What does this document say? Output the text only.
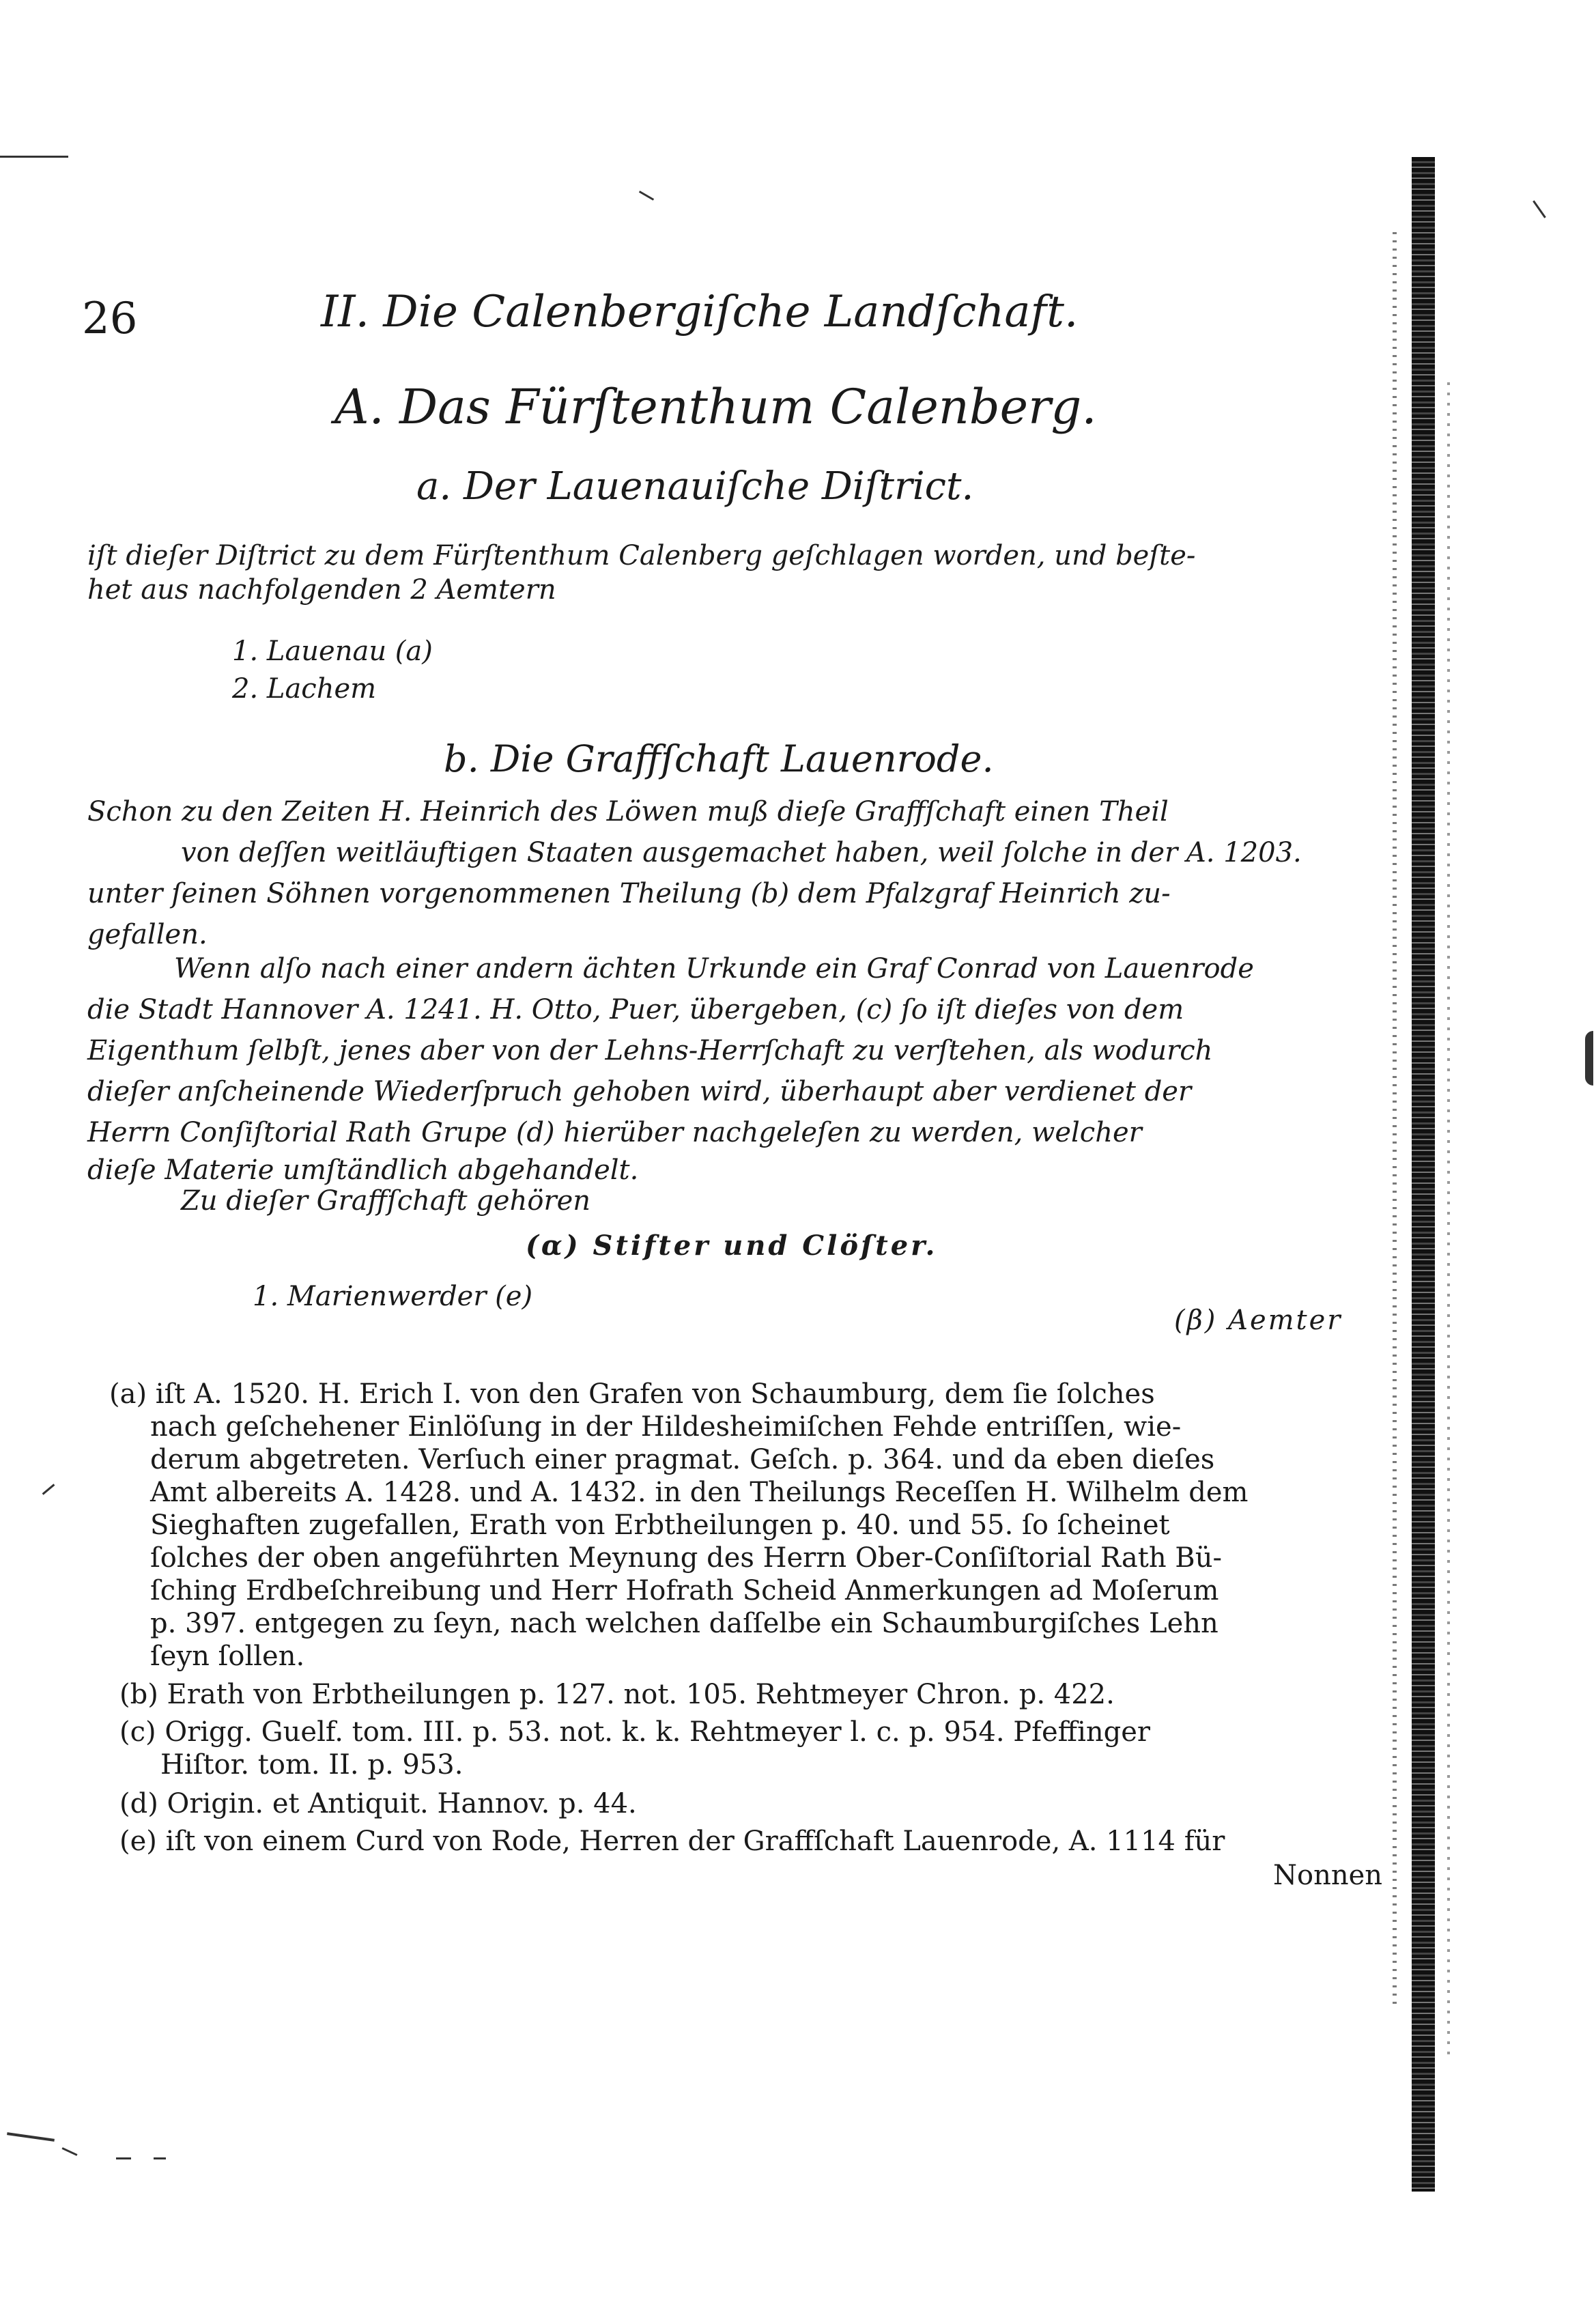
26	II. Die Calenbergiſche Landſchaft.
A. Das Fürſtenthum Calenberg.
a. Der Lauenauiſche Diſtrict.
iſt dieſer Diſtrict zu dem Fürſtenthum Calenberg geſchlagen worden, und beſte-
het aus nachfolgenden 2 Aemtern
1. Lauenau (a)
2. Lachem
b. Die Graffſchaft Lauenrode.
Schon zu den Zeiten H. Heinrich des Löwen muß dieſe Graffſchaft einen Theil
von deſſen weitläuftigen Staaten ausgemachet haben, weil ſolche in der A. 1203.
unter ſeinen Söhnen vorgenommenen Theilung (b) dem Pfalzgraf Heinrich zu-
gefallen.
Wenn alſo nach einer andern ächten Urkunde ein Graf Conrad von Lauenrode
die Stadt Hannover A. 1241. H. Otto, Puer, übergeben, (c) ſo iſt dieſes von dem
Eigenthum ſelbſt, jenes aber von der Lehns-Herrſchaft zu verſtehen, als wodurch
dieſer anſcheinende Wiederſpruch gehoben wird, überhaupt aber verdienet der
Herrn Conſiſtorial Rath Grupe (d) hierüber nachgeleſen zu werden, welcher
dieſe Materie umſtändlich abgehandelt.
Zu dieſer Graffſchaft gehören
(α) Stifter und Clöſter.
1. Marienwerder (e)
(β) Aemter
(a) iſt A. 1520. H. Erich I. von den Grafen von Schaumburg, dem ſie ſolches
nach geſchehener Einlöſung in der Hildesheimiſchen Fehde entriſſen, wie-
derum abgetreten. Verſuch einer pragmat. Geſch. p. 364. und da eben dieſes
Amt albereits A. 1428. und A. 1432. in den Theilungs Receſſen H. Wilhelm dem
Sieghaften zugefallen, Erath von Erbtheilungen p. 40. und 55. ſo ſcheinet
ſolches der oben angeführten Meynung des Herrn Ober-Conſiſtorial Rath Bü-
ſching Erdbeſchreibung und Herr Hofrath Scheid Anmerkungen ad Moſerum
p. 397. entgegen zu ſeyn, nach welchen daſſelbe ein Schaumburgiſches Lehn
ſeyn ſollen.
(b) Erath von Erbtheilungen p. 127. not. 105. Rehtmeyer Chron. p. 422.
(c) Origg. Guelf. tom. III. p. 53. not. k. k. Rehtmeyer l. c. p. 954. Pfeffinger
Hiſtor. tom. II. p. 953.
(d) Origin. et Antiquit. Hannov. p. 44.
(e) iſt von einem Curd von Rode, Herren der Graffſchaft Lauenrode, A. 1114 für
Nonnen
